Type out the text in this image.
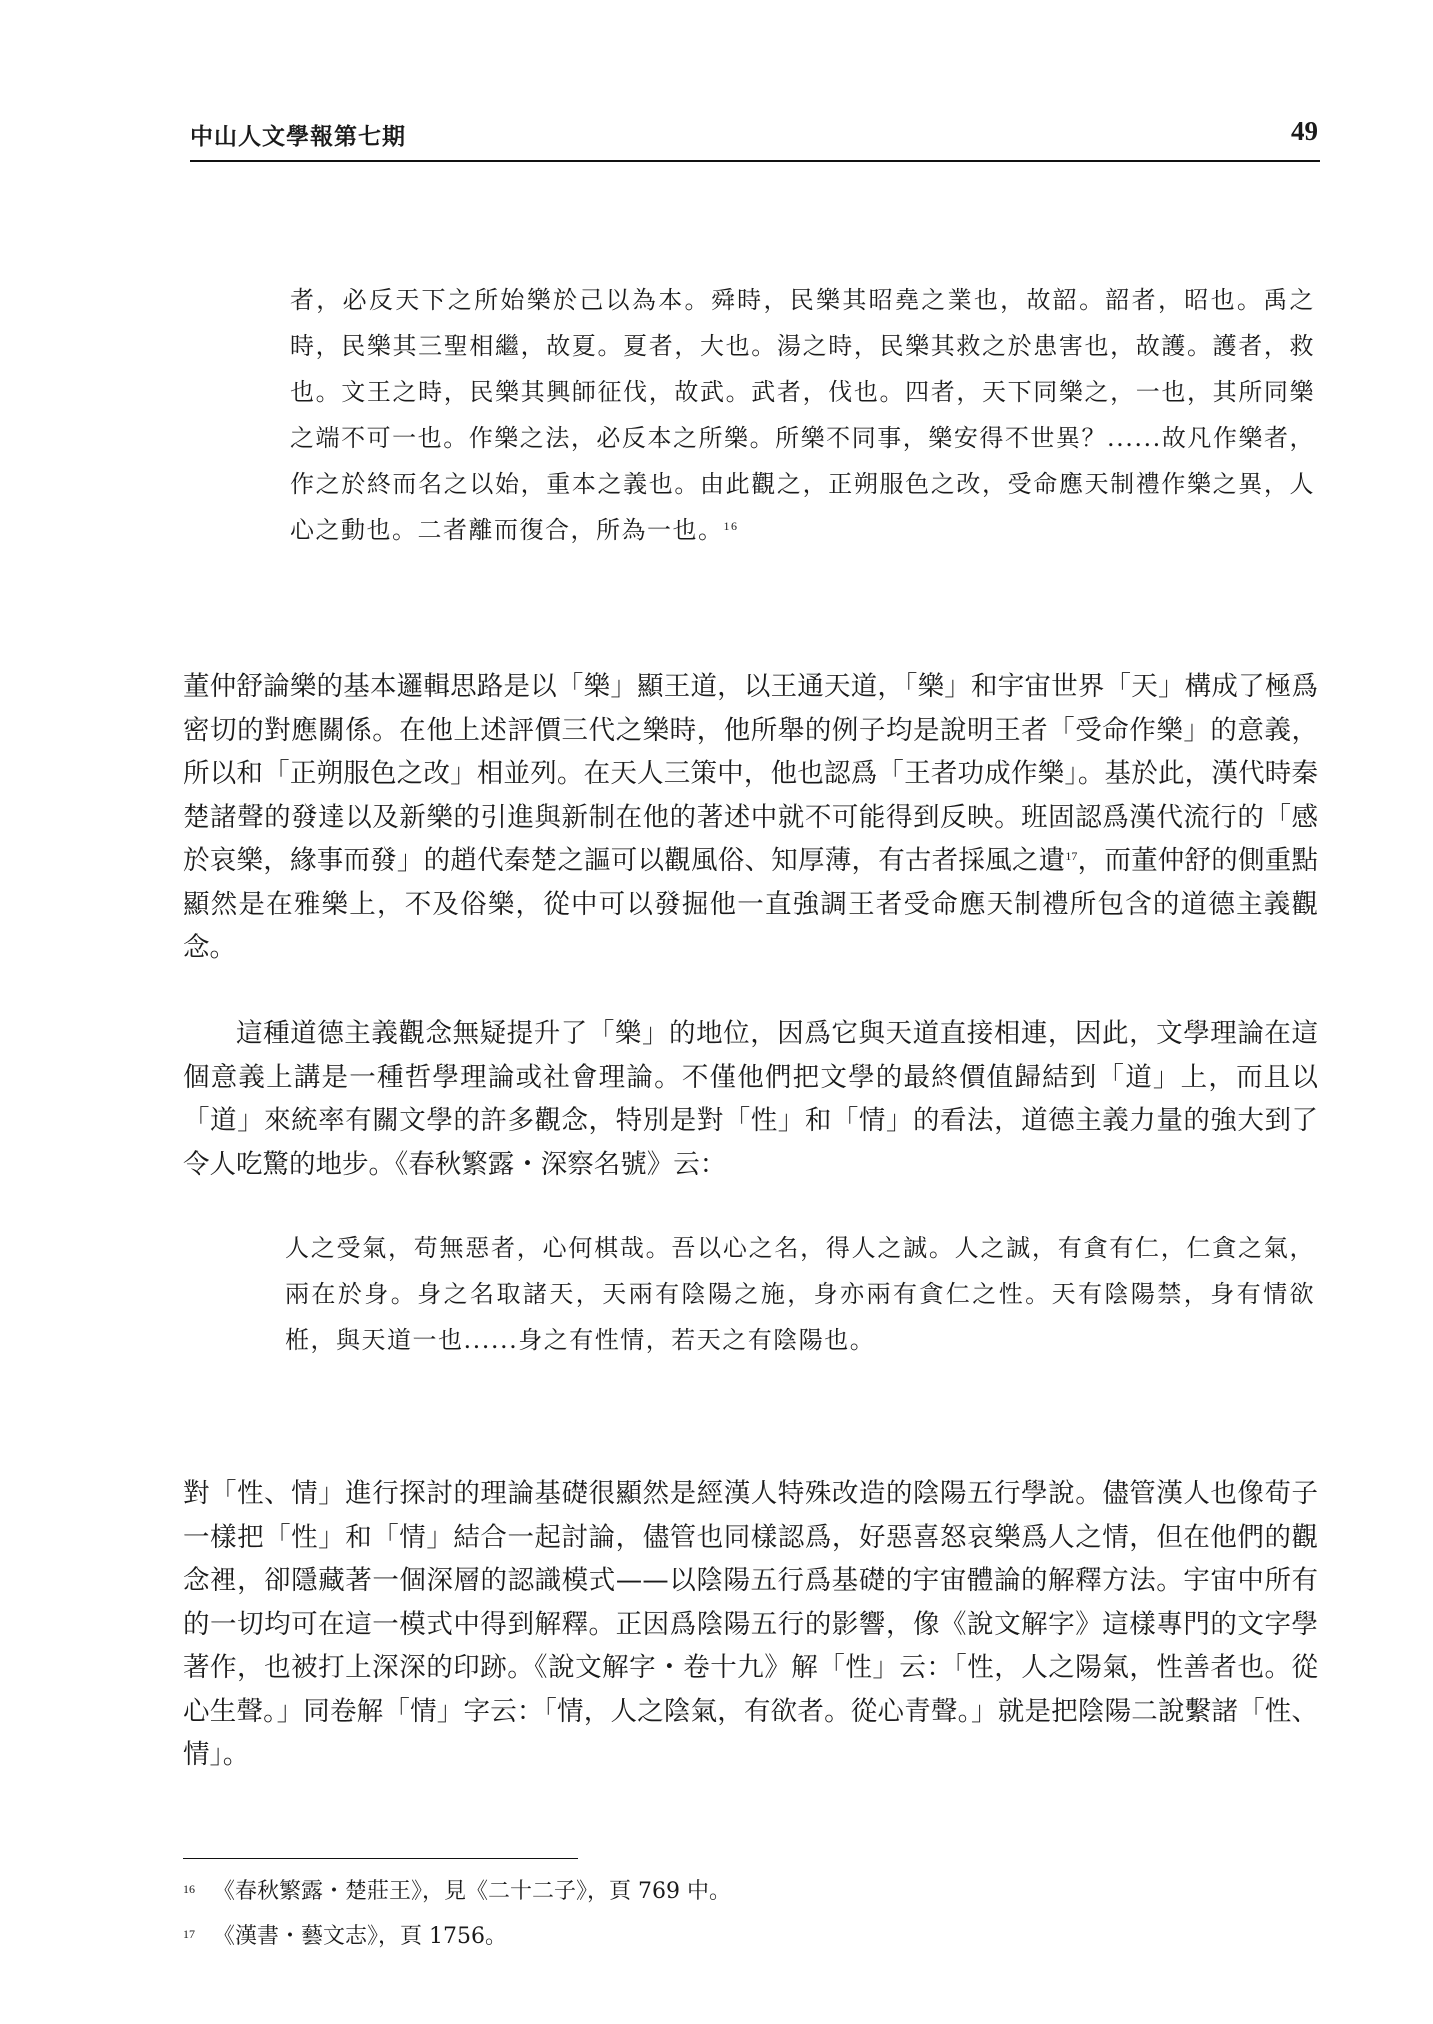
中山人文學報第七期	49
者，必反天下之所始樂於己以為本。舜時，民樂其昭堯之業也，故韶。韶者，昭也。禹之時，民樂其三聖相繼，故夏。夏者，大也。湯之時，民樂其救之於患害也，故護。護者，救也。文王之時，民樂其興師征伐，故武。武者，伐也。四者，天下同樂之，一也，其所同樂之端不可一也。作樂之法，必反本之所樂。所樂不同事，樂安得不世異？......故凡作樂者，作之於終而名之以始，重本之義也。由此觀之，正朔服色之改，受命應天制禮作樂之異，人心之動也。二者離而復合，所為一也。$^{16}$
董仲舒論樂的基本邏輯思路是以「樂」顯王道，以王通天道，「樂」和宇宙世界「天」構成了極爲密切的對應關係。在他上述評價三代之樂時，他所舉的例子均是說明王者「受命作樂」的意義，所以和「正朔服色之改」相並列。在天人三策中，他也認爲「王者功成作樂」。基於此，漢代時秦楚諸聲的發達以及新樂的引進與新制在他的著述中就不可能得到反映。班固認爲漢代流行的「感於哀樂，緣事而發」的趙代秦楚之謳可以觀風俗、知厚薄，有古者採風之遺$^{17}$，而董仲舒的側重點顯然是在雅樂上，不及俗樂，從中可以發掘他一直強調王者受命應天制禮所包含的道德主義觀念。
這種道德主義觀念無疑提升了「樂」的地位，因爲它與天道直接相連，因此，文學理論在這個意義上講是一種哲學理論或社會理論。不僅他們把文學的最終價值歸結到「道」上，而且以「道」來統率有關文學的許多觀念，特別是對「性」和「情」的看法，道德主義力量的強大到了令人吃驚的地步。《春秋繁露・深察名號》云：
人之受氣，苟無惡者，心何棋哉。吾以心之名，得人之誠。人之誠，有貪有仁，仁貪之氣，兩在於身。身之名取諸天，天兩有陰陽之施，身亦兩有貪仁之性。天有陰陽禁，身有情欲栣，與天道一也......身之有性情，若天之有陰陽也。
對「性、情」進行探討的理論基礎很顯然是經漢人特殊改造的陰陽五行學說。儘管漢人也像荀子一樣把「性」和「情」結合一起討論，儘管也同樣認爲，好惡喜怒哀樂爲人之情，但在他們的觀念裡，卻隱藏著一個深層的認識模式——以陰陽五行爲基礎的宇宙體論的解釋方法。宇宙中所有的一切均可在這一模式中得到解釋。正因爲陰陽五行的影響，像《說文解字》這樣專門的文字學著作，也被打上深深的印跡。《說文解字・卷十九》解「性」云：「性，人之陽氣，性善者也。從心生聲。」同卷解「情」字云：「情，人之陰氣，有欲者。從心青聲。」就是把陰陽二說繫諸「性、情」。
$^{16}$ 《春秋繁露・楚莊王》，見《二十二子》，頁 769 中。
$^{17}$ 《漢書・藝文志》，頁 1756。
